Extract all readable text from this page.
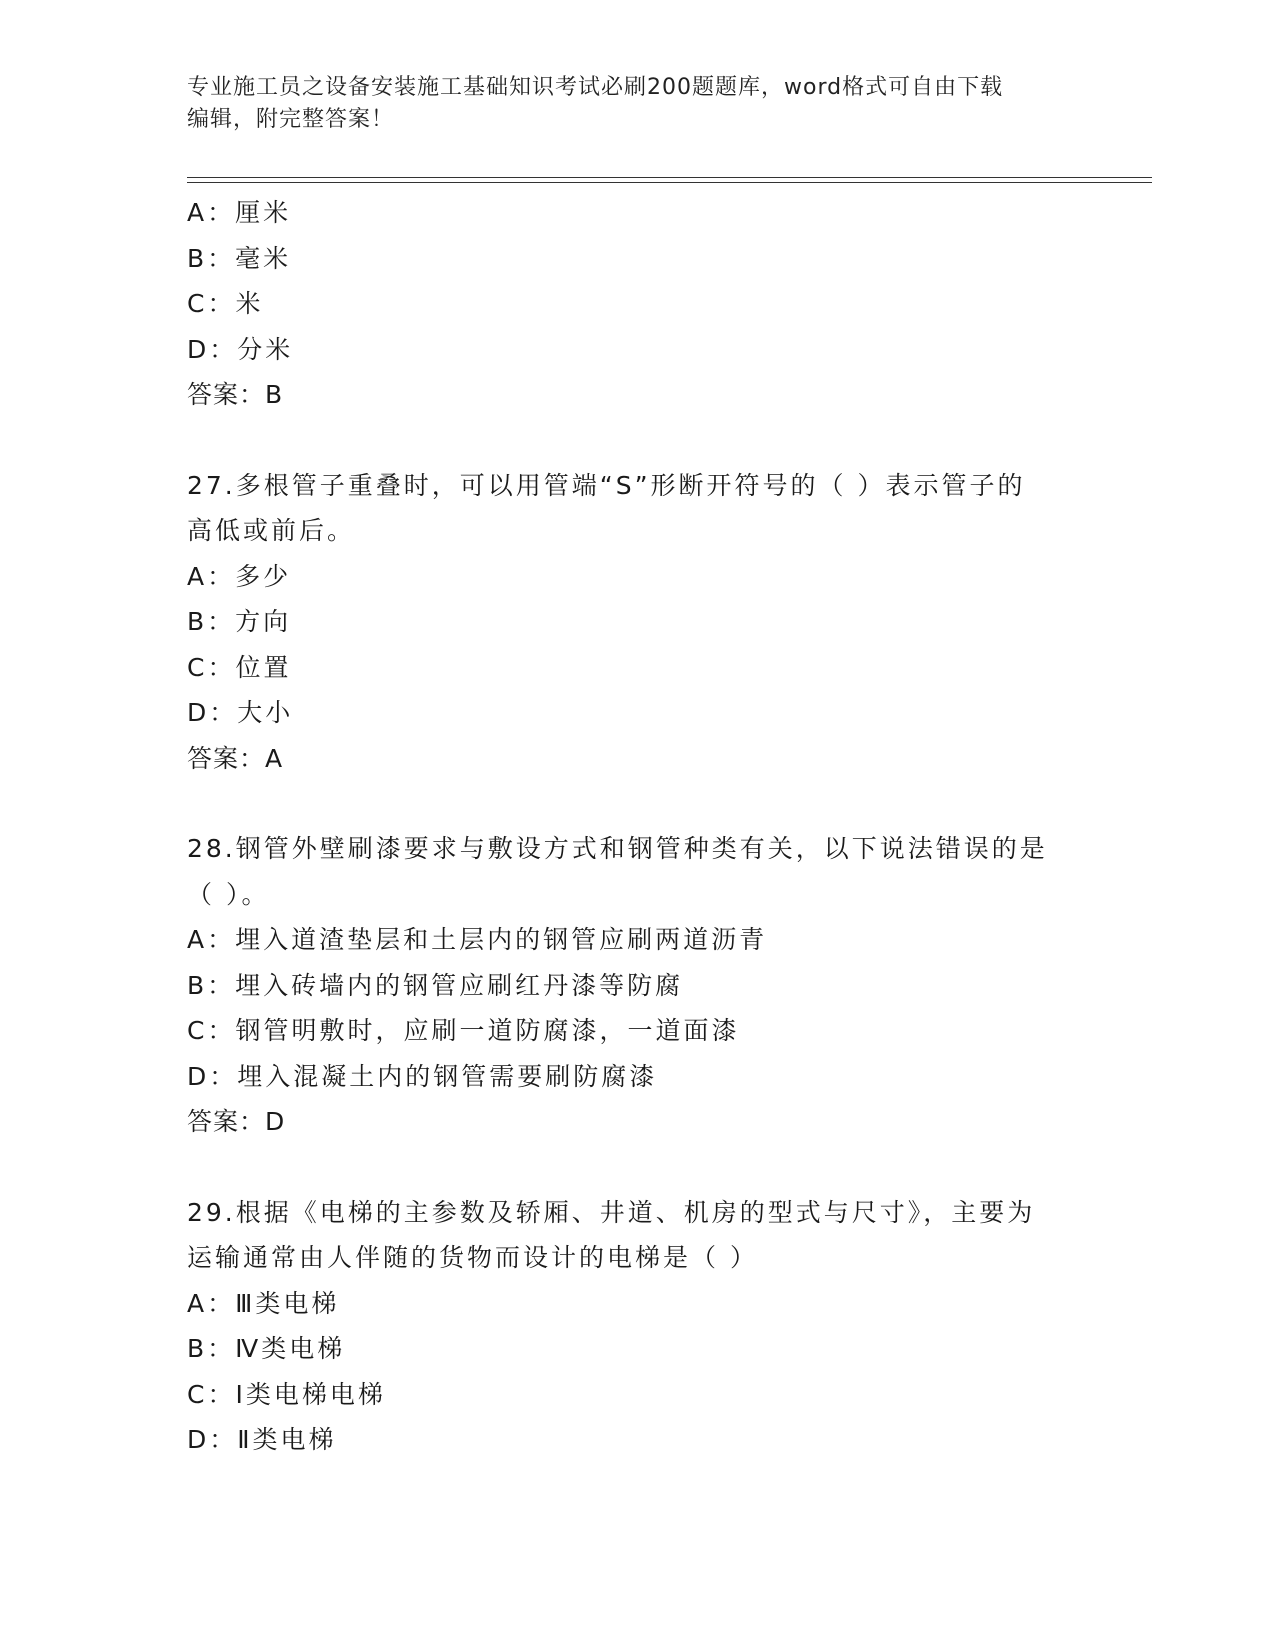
专业施工员之设备安装施工基础知识考试必刷200题题库，word格式可自由下载
编辑，附完整答案！
A：厘米
B：毫米
C：米
D：分米
答案：B
27.多根管子重叠时，可以用管端“S”形断开符号的（ ）表示管子的
高低或前后。
A：多少
B：方向
C：位置
D：大小
答案：A
28.钢管外壁刷漆要求与敷设方式和钢管种类有关，以下说法错误的是
（ ）。
A：埋入道渣垫层和土层内的钢管应刷两道沥青
B：埋入砖墙内的钢管应刷红丹漆等防腐
C：钢管明敷时，应刷一道防腐漆，一道面漆
D：埋入混凝土内的钢管需要刷防腐漆
答案：D
29.根据《电梯的主参数及轿厢、井道、机房的型式与尺寸》，主要为
运输通常由人伴随的货物而设计的电梯是（ ）
A：Ⅲ类电梯
B：Ⅳ类电梯
C：Ⅰ类电梯电梯
D：Ⅱ类电梯
